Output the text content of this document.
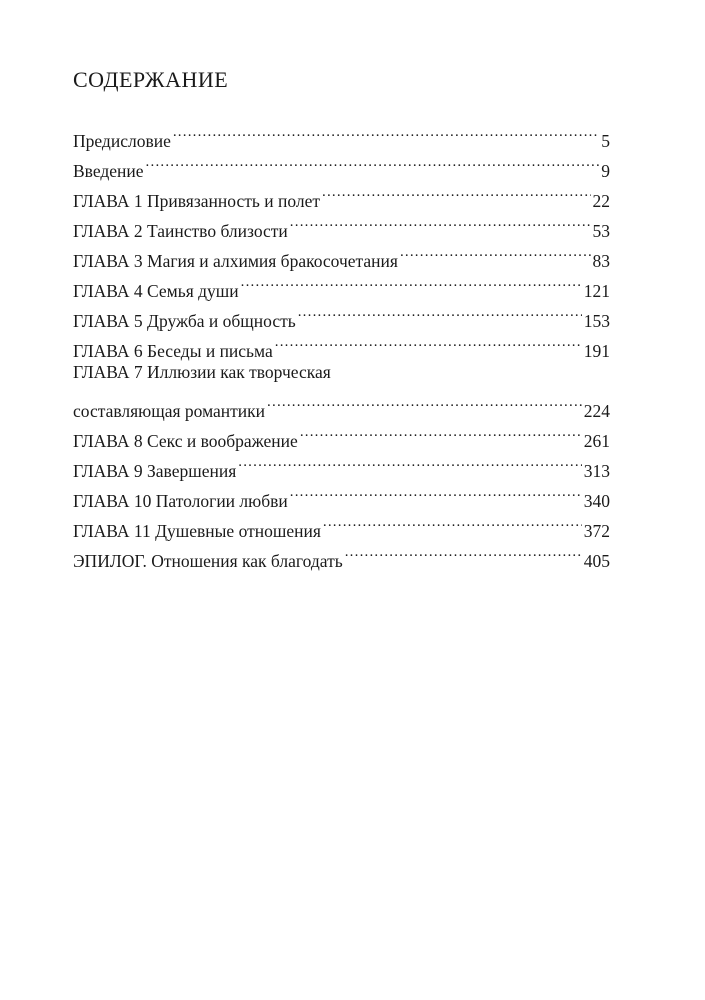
СОДЕРЖАНИЕ
Предисловие .....	5
Введение .....	9
ГЛАВА 1 Привязанность и полет .....	22
ГЛАВА 2 Таинство близости .....	53
ГЛАВА 3 Магия и алхимия бракосочетания .....	83
ГЛАВА 4 Семья души .....	121
ГЛАВА 5 Дружба и общность .....	153
ГЛАВА 6 Беседы и письма .....	191
ГЛАВА 7 Иллюзии как творческая
составляющая романтики .....	224
ГЛАВА 8 Секс и воображение .....	261
ГЛАВА 9 Завершения .....	313
ГЛАВА 10 Патологии любви .....	340
ГЛАВА 11 Душевные отношения .....	372
ЭПИЛОГ. Отношения как благодать .....	405
